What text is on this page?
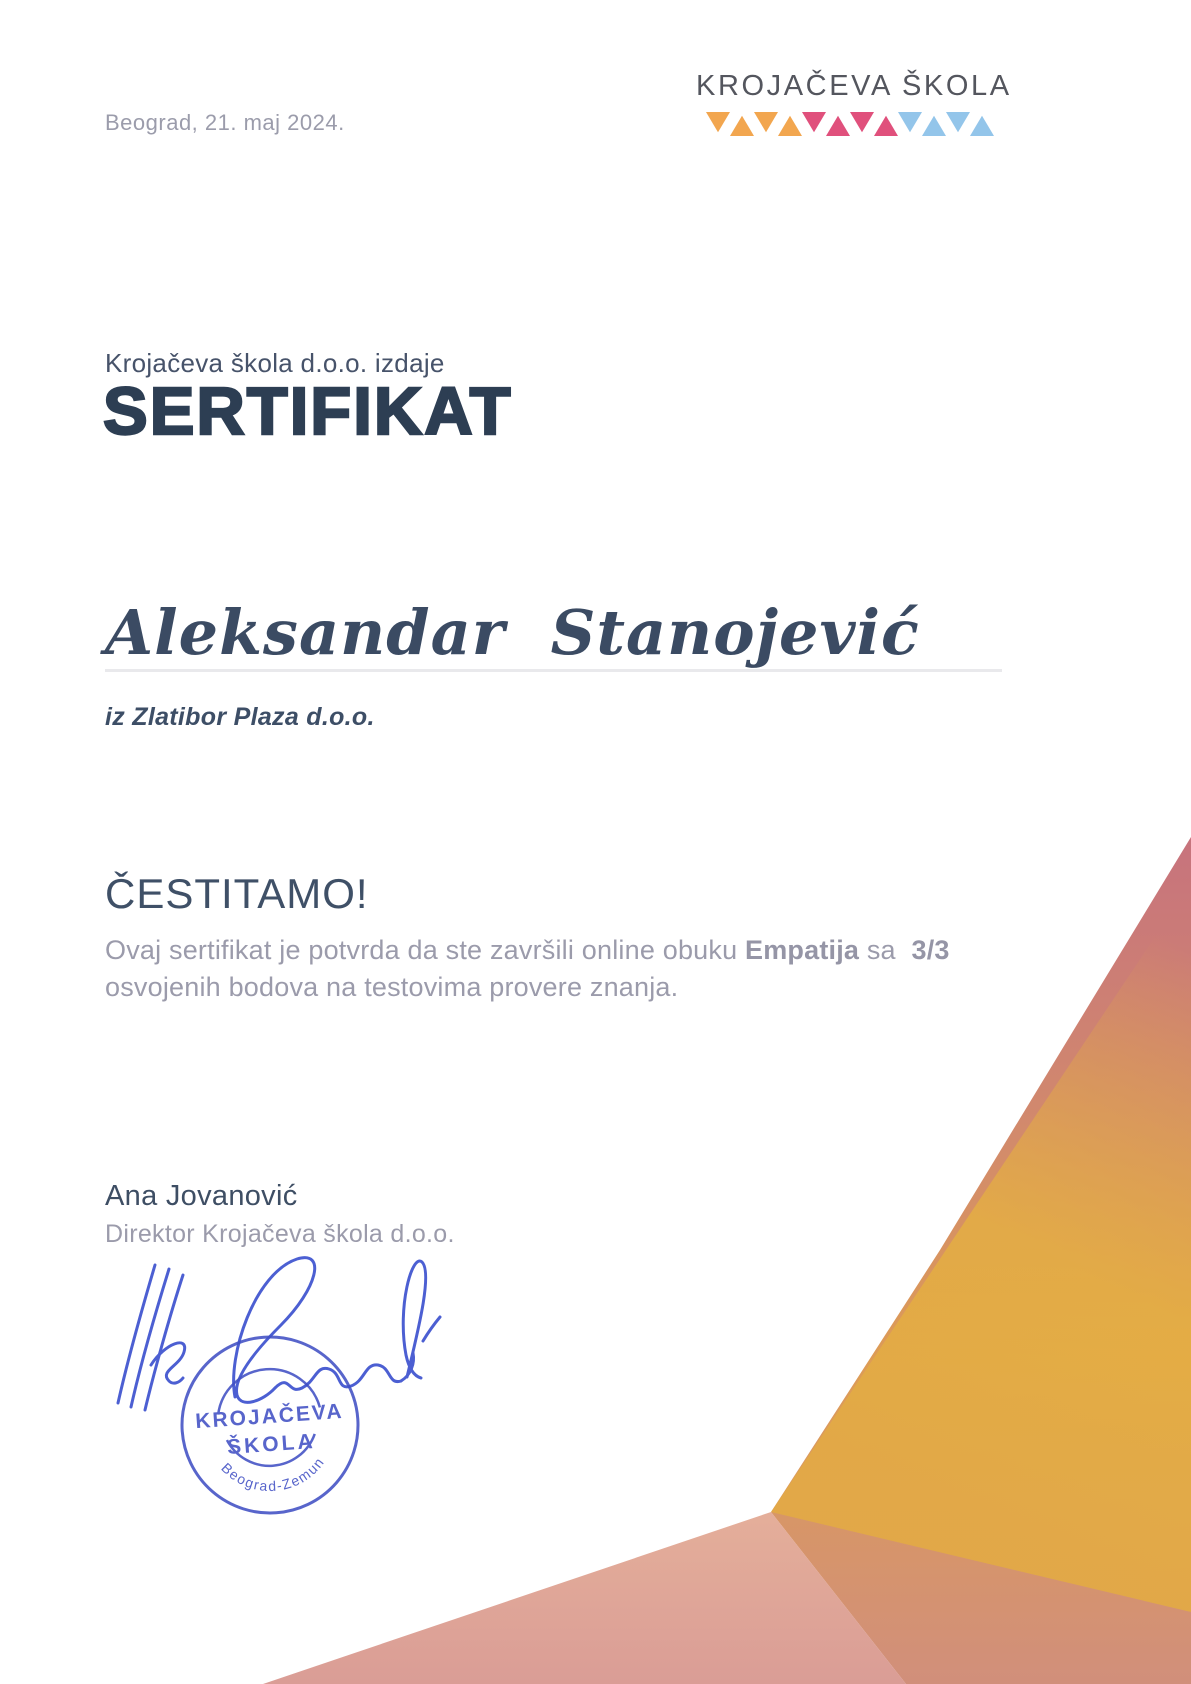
Beograd, 21. maj 2024.
KROJAČEVA ŠKOLA
Krojačeva škola d.o.o. izdaje
SERTIFIKAT
Aleksandar  Stanojević
iz Zlatibor Plaza d.o.o.
ČESTITAMO!

Ovaj sertifikat je potvrda da ste završili online obuku Empatija sa 3/3 osvojenih bodova na testovima provere znanja.

Ana Jovanović
Direktor Krojačeva škola d.o.o.
KROJAČEVA
ŠKOLA
Beograd-Zemun
